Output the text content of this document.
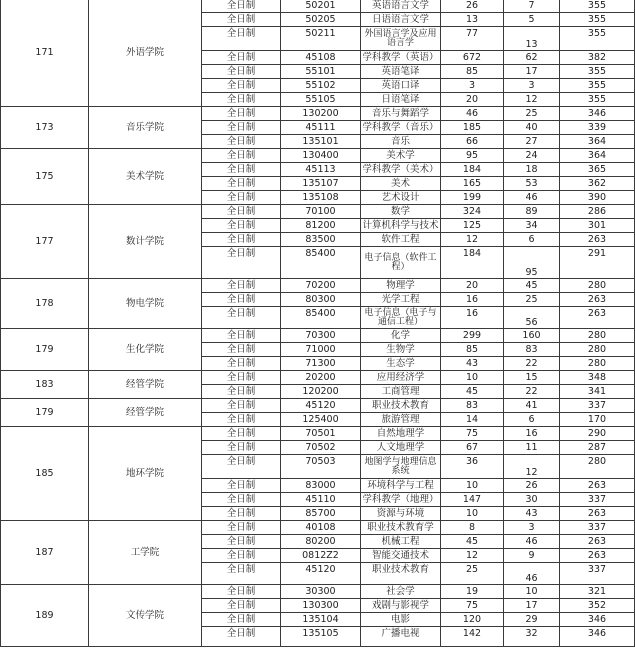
171	外语学院	全日制	50201	英语语言文学	26	7	355
		全日制	50205	日语语言文学	13	5	355
		全日制	50211	外国语言学及应用语言学	77	13	355
		全日制	45108	学科教学（英语）	672	62	382
		全日制	55101	英语笔译	85	17	355
		全日制	55102	英语口译	3	3	355
		全日制	55105	日语笔译	20	12	355
173	音乐学院	全日制	130200	音乐与舞蹈学	46	25	346
		全日制	45111	学科教学（音乐）	185	40	339
		全日制	135101	音乐	66	27	364
175	美术学院	全日制	130400	美术学	95	24	364
		全日制	45113	学科教学（美术）	184	18	365
		全日制	135107	美术	165	53	362
		全日制	135108	艺术设计	199	46	390
177	数计学院	全日制	70100	数学	324	89	286
		全日制	81200	计算机科学与技术	125	34	301
		全日制	83500	软件工程	12	6	263
		全日制	85400	电子信息（软件工程）	184	95	291
178	物电学院	全日制	70200	物理学	20	45	280
		全日制	80300	光学工程	16	25	263
		全日制	85400	电子信息（电子与通信工程）	16	56	263
179	生化学院	全日制	70300	化学	299	160	280
		全日制	71000	生物学	85	83	280
		全日制	71300	生态学	43	22	280
183	经管学院	全日制	20200	应用经济学	10	15	348
		全日制	120200	工商管理	45	22	341
179	经管学院	全日制	45120	职业技术教育	83	41	337
		全日制	125400	旅游管理	14	6	170
185	地环学院	全日制	70501	自然地理学	75	16	290
		全日制	70502	人文地理学	67	11	287
		全日制	70503	地图学与地理信息系统	36	12	280
		全日制	83000	环境科学与工程	10	26	263
		全日制	45110	学科教学（地理）	147	30	337
		全日制	85700	资源与环境	10	43	263
187	工学院	全日制	40108	职业技术教育学	8	3	337
		全日制	80200	机械工程	45	46	263
		全日制	0812Z2	智能交通技术	12	9	263
		全日制	45120	职业技术教育	25	46	337
189	文传学院	全日制	30300	社会学	19	10	321
		全日制	130300	戏剧与影视学	75	17	352
		全日制	135104	电影	120	29	346
		全日制	135105	广播电视	142	32	346
